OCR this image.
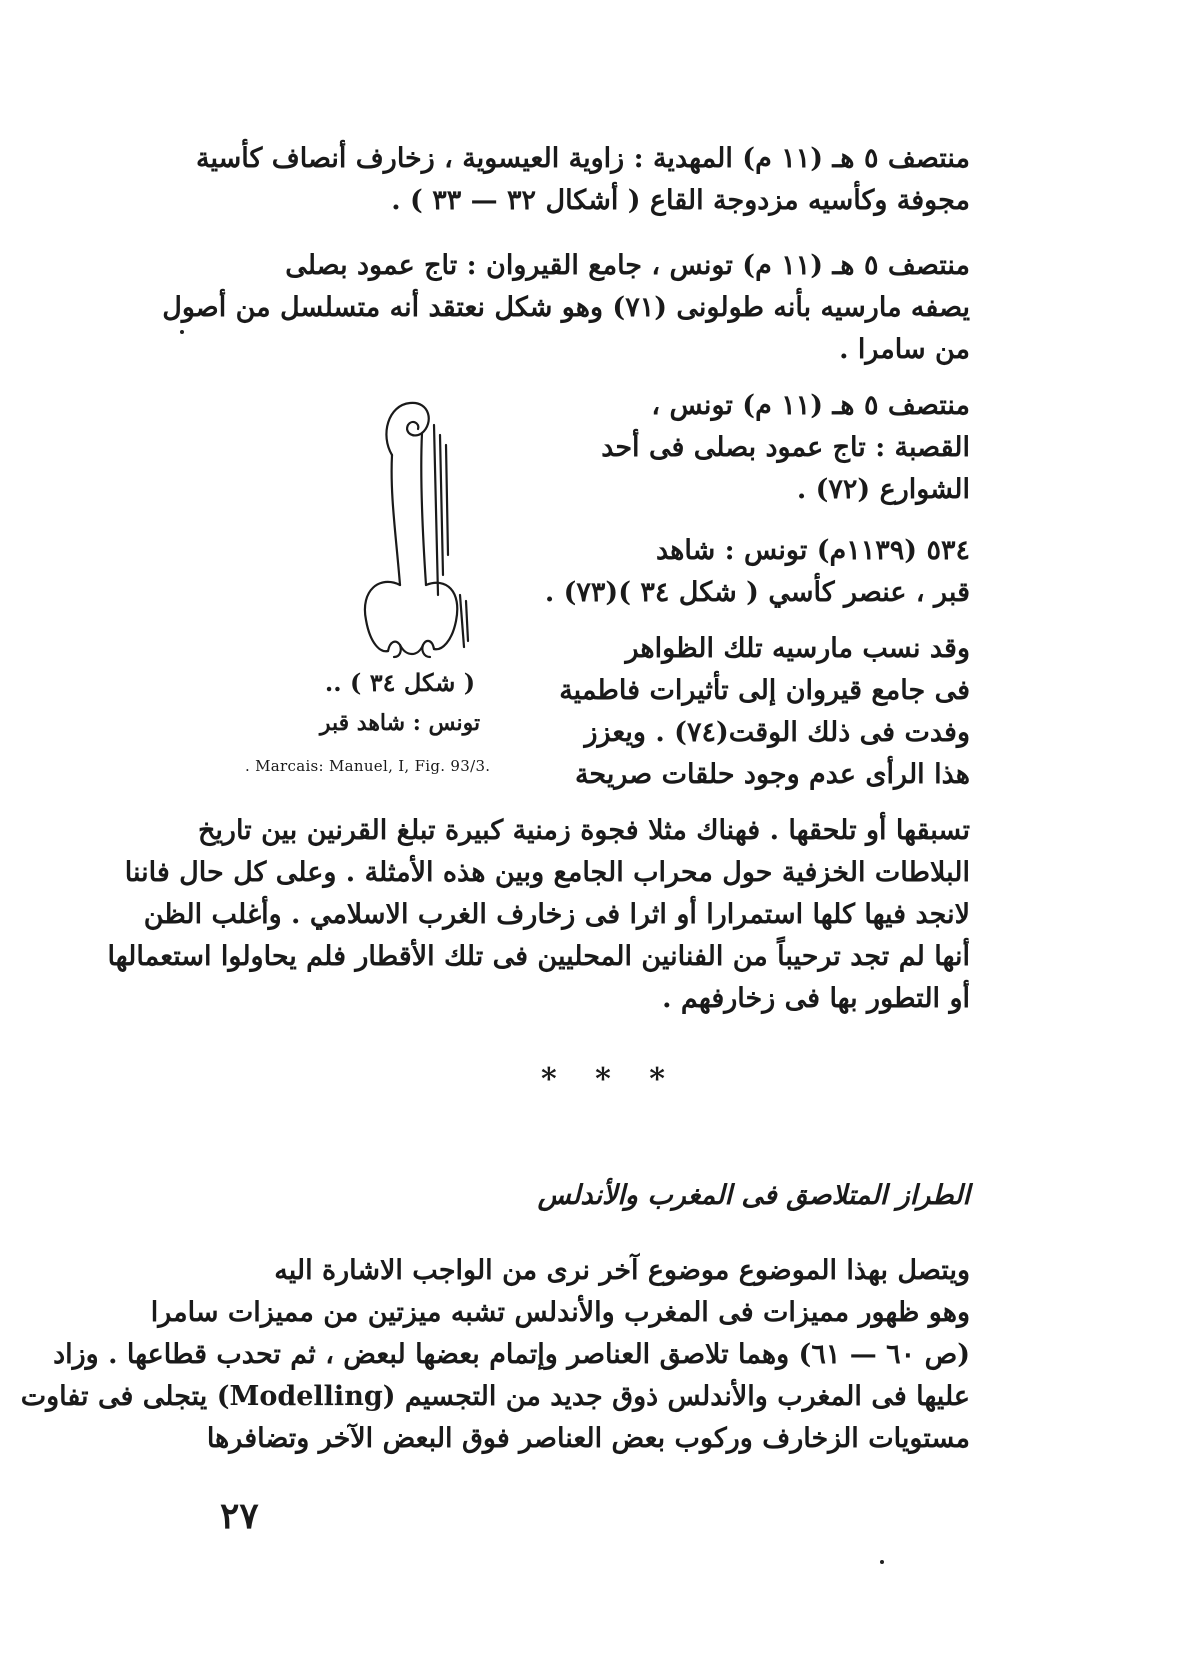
منتصف ٥ هـ (١١ م) المهدية : زاوية العيسوية ، زخارف أنصاف كأسية
مجوفة وكأسيه مزدوجة القاع ( أشكال ٣٢ — ٣٣ ) .
منتصف ٥ هـ (١١ م) تونس ، جامع القيروان : تاج عمود بصلى
يصفه مارسيه بأنه طولونى (٧١) وهو شكل نعتقد أنه متسلسل من أصول
من سامرا .
منتصف ٥ هـ (١١ م) تونس ،
القصبة : تاج عمود بصلى فى أحد
الشوارع (٧٢) .
٥٣٤ (١١٣٩م) تونس : شاهد
قبر ، عنصر كأسي ( شكل ٣٤ )(٧٣) .
وقد نسب مارسيه تلك الظواهر
فى جامع قيروان إلى تأثيرات فاطمية
وفدت فى ذلك الوقت(٧٤) . ويعزز
هذا الرأى عدم وجود حلقات صريحة
( شكل ٣٤ ) ..
تونس : شاهد قبر
. Marcais: Manuel, I, Fig. 93/3.
تسبقها أو تلحقها . فهناك مثلا فجوة زمنية كبيرة تبلغ القرنين بين تاريخ
البلاطات الخزفية حول محراب الجامع وبين هذه الأمثلة . وعلى كل حال فاننا
لانجد فيها كلها استمرارا أو اثرا فى زخارف الغرب الاسلامي . وأغلب الظن
أنها لم تجد ترحيباً من الفنانين المحليين فى تلك الأقطار فلم يحاولوا استعمالها
أو التطور بها فى زخارفهم .
* * *
الطراز المتلاصق فى المغرب والأندلس
ويتصل بهذا الموضوع موضوع آخر نرى من الواجب الاشارة اليه
وهو ظهور مميزات فى المغرب والأندلس تشبه ميزتين من مميزات سامرا
(ص ٦٠ — ٦١) وهما تلاصق العناصر وإتمام بعضها لبعض ، ثم تحدب قطاعها . وزاد
عليها فى المغرب والأندلس ذوق جديد من التجسيم (Modelling) يتجلى فى تفاوت
مستويات الزخارف وركوب بعض العناصر فوق البعض الآخر وتضافرها
٢٧
